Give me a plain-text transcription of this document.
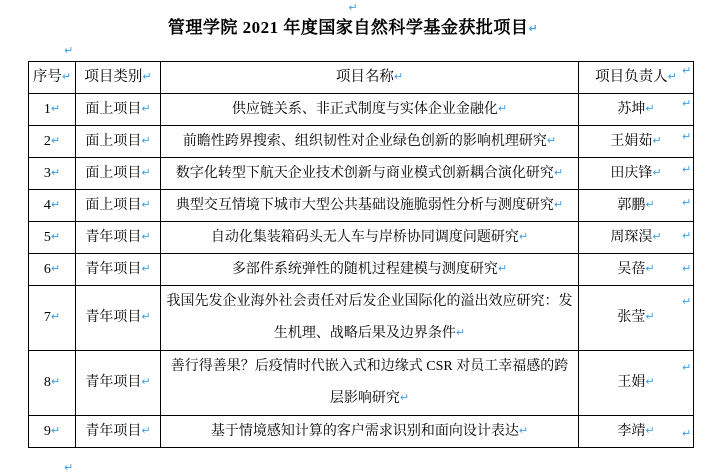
↵
管理学院 2021 年度国家自然科学基金获批项目↵
↵
序号↵	项目类别↵	项目名称↵	项目负责人↵
1↵	面上项目↵	供应链关系、非正式制度与实体企业金融化↵	苏坤↵
2↵	面上项目↵	前瞻性跨界搜索、组织韧性对企业绿色创新的影响机理研究↵	王娟茹↵
3↵	面上项目↵	数字化转型下航天企业技术创新与商业模式创新耦合演化研究↵	田庆锋↵
4↵	面上项目↵	典型交互情境下城市大型公共基础设施脆弱性分析与测度研究↵	郭鹏↵
5↵	青年项目↵	自动化集装箱码头无人车与岸桥协同调度问题研究↵	周琛淏↵
6↵	青年项目↵	多部件系统弹性的随机过程建模与测度研究↵	吴蓓↵
7↵	青年项目↵	我国先发企业海外社会责任对后发企业国际化的溢出效应研究：发生机理、战略后果及边界条件↵	张莹↵
8↵	青年项目↵	善行得善果？后疫情时代嵌入式和边缘式 CSR 对员工幸福感的跨层影响研究↵	王娟↵
9↵	青年项目↵	基于情境感知计算的客户需求识别和面向设计表达↵	李靖↵
↵
↵
↵
↵
↵
↵
↵
↵
↵
↵
↵
